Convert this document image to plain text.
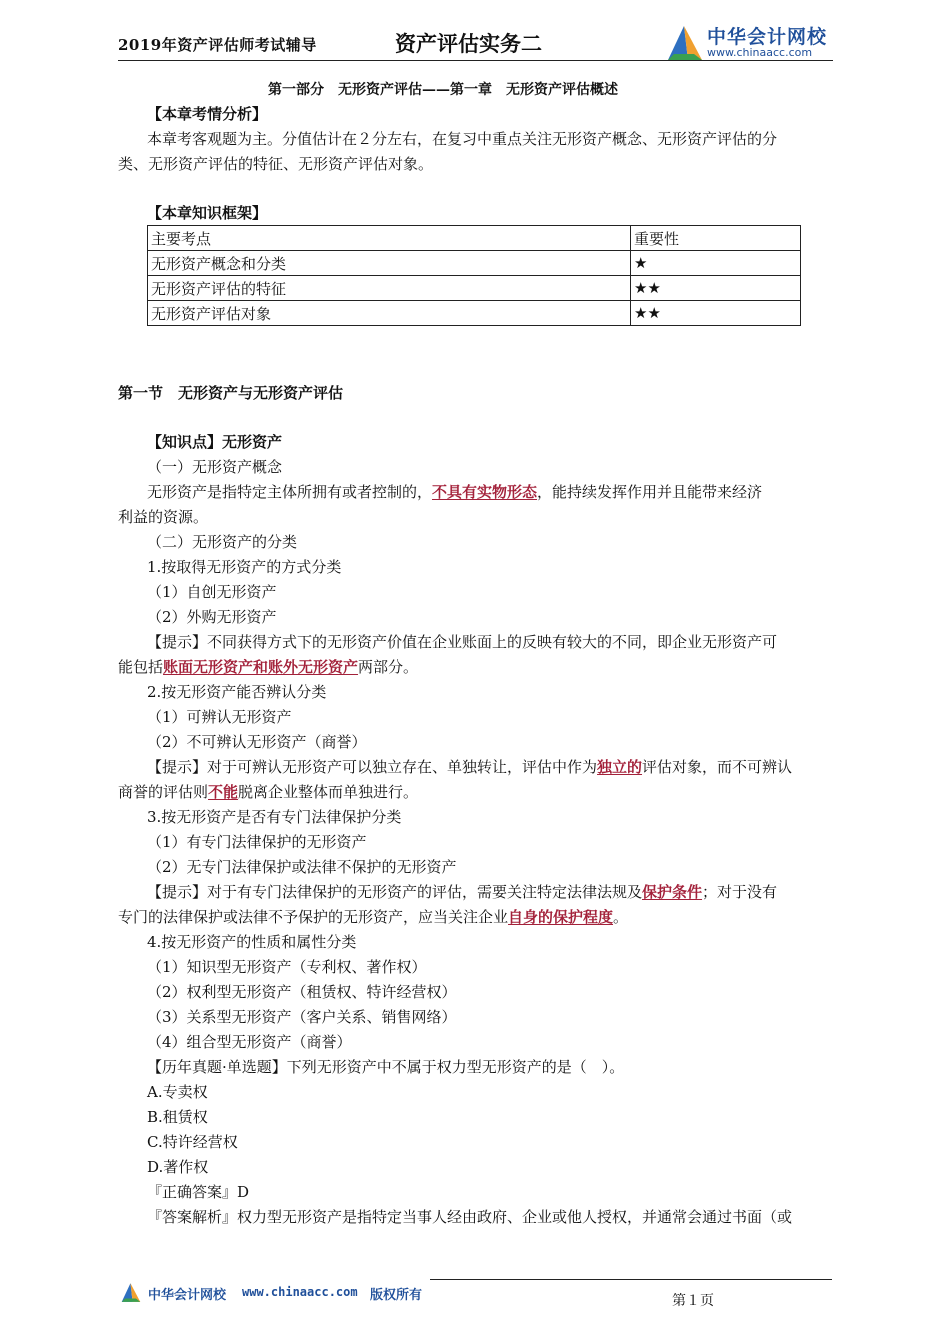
2019年资产评估师考试辅导	资产评估实务二	中华会计网校
www.chinaacc.com
第一部分　无形资产评估——第一章　无形资产评估概述
【本章考情分析】
本章考客观题为主。分值估计在２分左右，在复习中重点关注无形资产概念、无形资产评估的分
类、无形资产评估的特征、无形资产评估对象。
【本章知识框架】
主要考点	重要性
无形资产概念和分类	★
无形资产评估的特征	★★
无形资产评估对象	★★
第一节　无形资产与无形资产评估
【知识点】无形资产
（一）无形资产概念
无形资产是指特定主体所拥有或者控制的，不具有实物形态，能持续发挥作用并且能带来经济
利益的资源。
（二）无形资产的分类
1.按取得无形资产的方式分类
（1）自创无形资产
（2）外购无形资产
【提示】不同获得方式下的无形资产价值在企业账面上的反映有较大的不同，即企业无形资产可
能包括账面无形资产和账外无形资产两部分。
2.按无形资产能否辨认分类
（1）可辨认无形资产
（2）不可辨认无形资产（商誉）
【提示】对于可辨认无形资产可以独立存在、单独转让，评估中作为独立的评估对象，而不可辨认
商誉的评估则不能脱离企业整体而单独进行。
3.按无形资产是否有专门法律保护分类
（1）有专门法律保护的无形资产
（2）无专门法律保护或法律不保护的无形资产
【提示】对于有专门法律保护的无形资产的评估，需要关注特定法律法规及保护条件；对于没有
专门的法律保护或法律不予保护的无形资产，应当关注企业自身的保护程度。
4.按无形资产的性质和属性分类
（1）知识型无形资产（专利权、著作权）
（2）权利型无形资产（租赁权、特许经营权）
（3）关系型无形资产（客户关系、销售网络）
（4）组合型无形资产（商誉）
【历年真题·单选题】下列无形资产中不属于权力型无形资产的是（　）。
A.专卖权
B.租赁权
C.特许经营权
D.著作权
『正确答案』D
『答案解析』权力型无形资产是指特定当事人经由政府、企业或他人授权，并通常会通过书面（或
中华会计网校 www.chinaacc.com 版权所有	第１页
